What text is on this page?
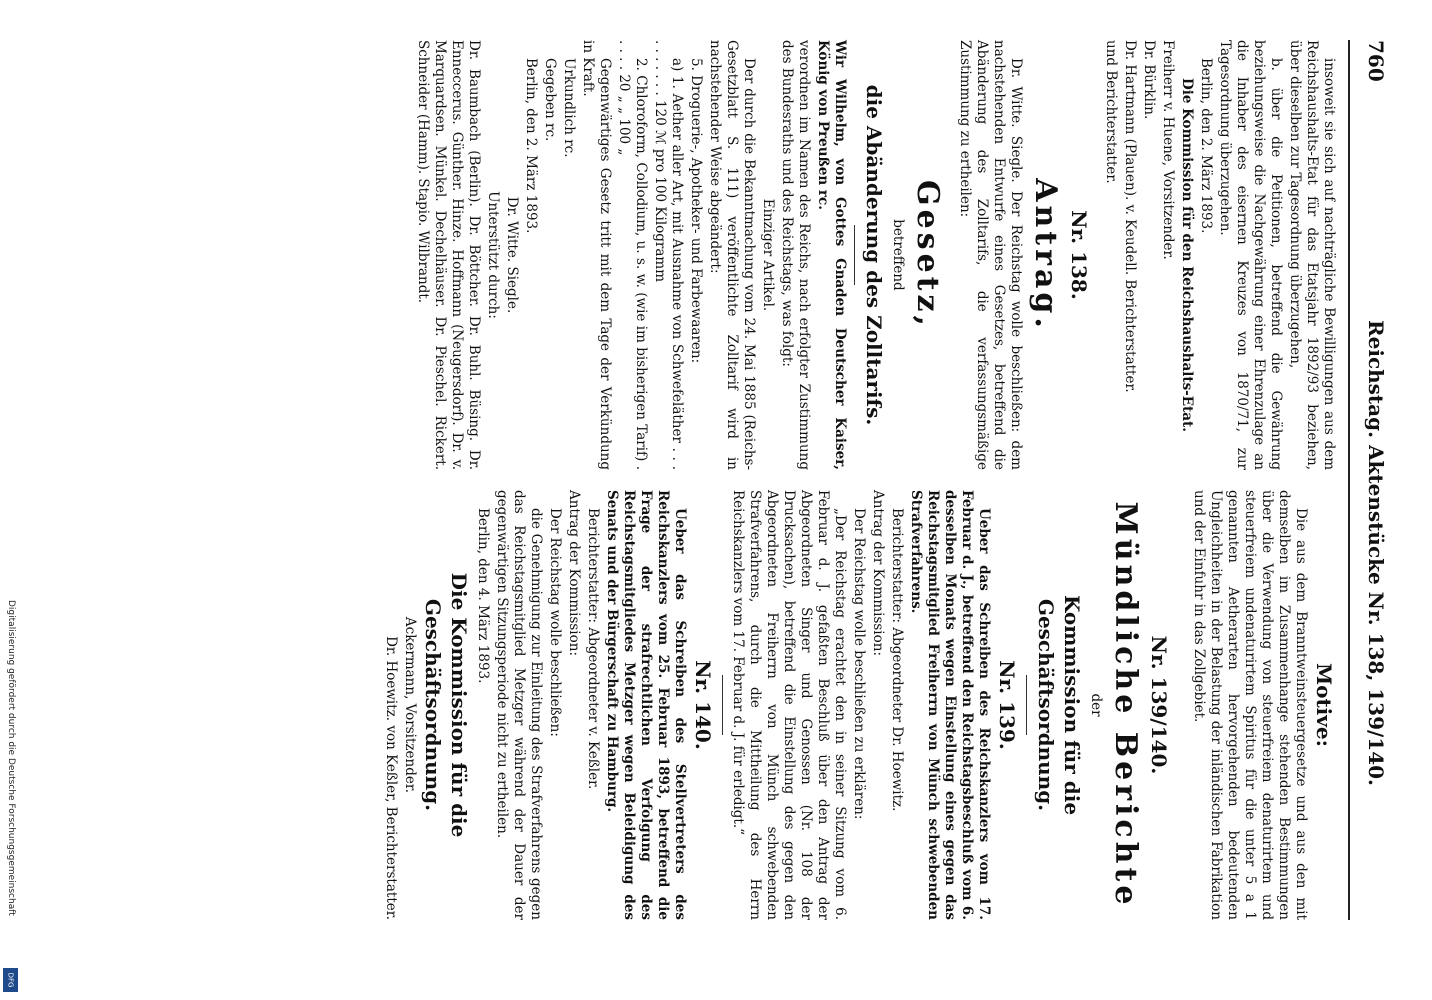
760
Reichstag. Aktenstücke Nr. 138, 139/140.

insoweit sie sich auf nachträgliche Bewilligungen aus dem Reichshaushalts-Etat für das Etatsjahr 1892/93 beziehen, über dieselben zur Tagesordnung überzugehen,

b. über die Petitionen, betreffend die Gewährung beziehungsweise die Nachgewährung einer Ehrenzulage an die Inhaber des eisernen Kreuzes von 1870/71, zur Tagesordnung überzugehen.

Berlin, den 2. März 1893.

Die Kommission für den Reichshaushalts-Etat.

Freiherr v. Huene, Vorsitzender.

Dr. Bürklin.

Dr. Hartmann (Plauen). v. Keudell. Berichterstatter.

und Berichterstatter.

Nr. 138.

Antrag.

Dr. Witte. Siegle. Der Reichstag wolle beschließen: dem nachstehenden Entwurfe eines Gesetzes, betreffend die Abänderung des Zolltarifs, die verfassungsmäßige Zustimmung zu ertheilen:

Gesetz,

betreffend

die Abänderung des Zolltarifs.

Wir Wilhelm, von Gottes Gnaden Deutscher Kaiser, König von Preußen rc.

verordnen im Namen des Reichs, nach erfolgter Zustimmung des Bundesraths und des Reichstags, was folgt:

Einziger Artikel.

Der durch die Bekanntmachung vom 24. Mai 1885 (Reichs-Gesetzblatt S. 111) veröffentlichte Zolltarif wird in nachstehender Weise abgeändert:

5. Droguerie-, Apotheker- und Farbewaaren:

a) 1. Aether aller Art, mit Ausnahme von Schwefeläther . . . . . . . . . . 120 ℳ pro 100 Kilogramm

2. Chloroform, Collodium, u. s. w. (wie im bisherigen Tarif) . . . . . 20 „ „ 100 „

Gegenwärtiges Gesetz tritt mit dem Tage der Verkündung in Kraft.

Urkundlich rc.

Gegeben rc.

Berlin, den 2. März 1893.

Dr. Witte. Siegle.

Unterstützt durch:

Dr. Baumbach (Berlin). Dr. Böttcher. Dr. Buhl. Büsing. Dr. Enneccerus. Günther. Hinze. Hoffmann (Neugersdorf). Dr. v. Marquardsen. Münkel. Dechelhäuser. Dr. Pieschel. Rickert. Schneider (Hamm). Stapio. Wilbrandt.

Motive:

Die aus dem Branntweinsteuergesetze und aus den mit demselben im Zusammenhange stehenden Bestimmungen über die Verwendung von steuerfreiem denaturirtem und steuerfreiem undenaturirtem Spiritus für die unter 5 a 1 genannten Aetherarten hervorgehenden bedeutenden Ungleichheiten in der Belastung der inländischen Fabrikation und der Einfuhr in das Zollgebiet.

Nr. 139/140.

Mündliche Berichte

der

Kommission für die Geschäftsordnung.

Nr. 139.

Ueber das Schreiben des Reichskanzlers vom 17. Februar d. J., betreffend den Reichstagsbeschluß vom 6. desselben Monats wegen Einstellung eines gegen das Reichstagsmitglied Freiherrn von Münch schwebenden Strafverfahrens.

Berichterstatter: Abgeordneter Dr. Hoewitz.

Antrag der Kommission:

Der Reichstag wolle beschließen zu erklären:

„Der Reichstag erachtet den in seiner Sitzung vom 6. Februar d. J. gefaßten Beschluß über den Antrag der Abgeordneten Singer und Genossen (Nr. 108 der Drucksachen), betreffend die Einstellung des gegen den Abgeordneten Freiherrn von Münch schwebenden Strafverfahrens, durch die Mittheilung des Herrn Reichskanzlers vom 17. Februar d. J. für erledigt.“

Nr. 140.

Ueber das Schreiben des Stellvertreters des Reichskanzlers vom 25. Februar 1893, betreffend die Frage der strafrechtlichen Verfolgung des Reichstagsmitgliedes Metzger wegen Beleidigung des Senats und der Bürgerschaft zu Hamburg.

Berichterstatter: Abgeordneter v. Keßler.

Antrag der Kommission:

Der Reichstag wolle beschließen:

die Genehmigung zur Einleitung des Strafverfahrens gegen das Reichstagsmitglied Metzger während der Dauer der gegenwärtigen Sitzungsperiode nicht zu ertheilen.

Berlin, den 4. März 1893.

Die Kommission für die Geschäftsordnung.

Ackermann, Vorsitzender.

Dr. Hoewitz. von Keßler, Berichterstatter.

Digitalisierung gefördert durch die Deutsche Forschungsgemeinschaft
DFG
